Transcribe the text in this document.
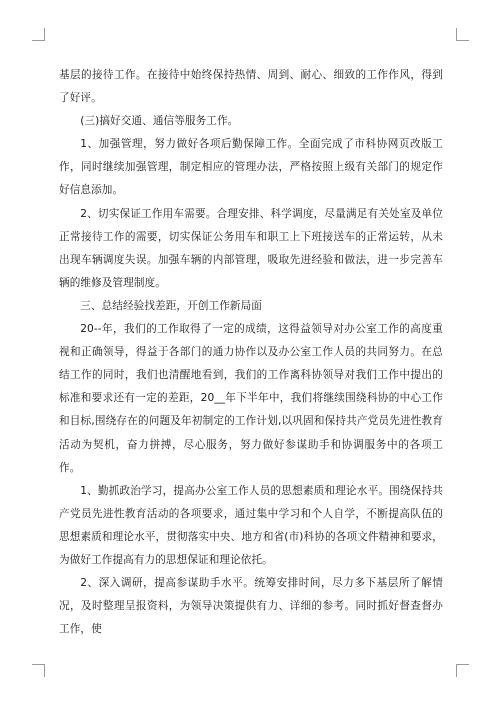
基层的接待工作。在接待中始终保持热情、周到、耐心、细致的工作作风，得到了好评。

(三)搞好交通、通信等服务工作。

1、加强管理，努力做好各项后勤保障工作。全面完成了市科协网页改版工作，同时继续加强管理，制定相应的管理办法，严格按照上级有关部门的规定作好信息添加。

2、切实保证工作用车需要。合理安排、科学调度，尽量满足有关处室及单位正常接待工作的需要，切实保证公务用车和职工上下班接送车的正常运转，从未出现车辆调度失误。加强车辆的内部管理，吸取先进经验和做法，进一步完善车辆的维修及管理制度。

三、总结经验找差距，开创工作新局面

20--年，我们的工作取得了一定的成绩，这得益领导对办公室工作的高度重视和正确领导，得益于各部门的通力协作以及办公室工作人员的共同努力。在总结工作的同时，我们也清醒地看到，我们的工作离科协领导对我们工作中提出的标准和要求还有一定的差距，20__年下半年中，我们将继续围绕科协的中心工作和目标,围绕存在的问题及年初制定的工作计划,以巩固和保持共产党员先进性教育活动为契机，奋力拼搏，尽心服务，努力做好参谋助手和协调服务中的各项工作。

1、勤抓政治学习，提高办公室工作人员的思想素质和理论水平。围绕保持共产党员先进性教育活动的各项要求，通过集中学习和个人自学，不断提高队伍的思想素质和理论水平，贯彻落实中央、地方和省(市)科协的各项文件精神和要求，为做好工作提高有力的思想保证和理论依托。

2、深入调研，提高参谋助手水平。统筹安排时间，尽力多下基层所了解情况，及时整理呈报资料，为领导决策提供有力、详细的参考。同时抓好督查督办工作，使
